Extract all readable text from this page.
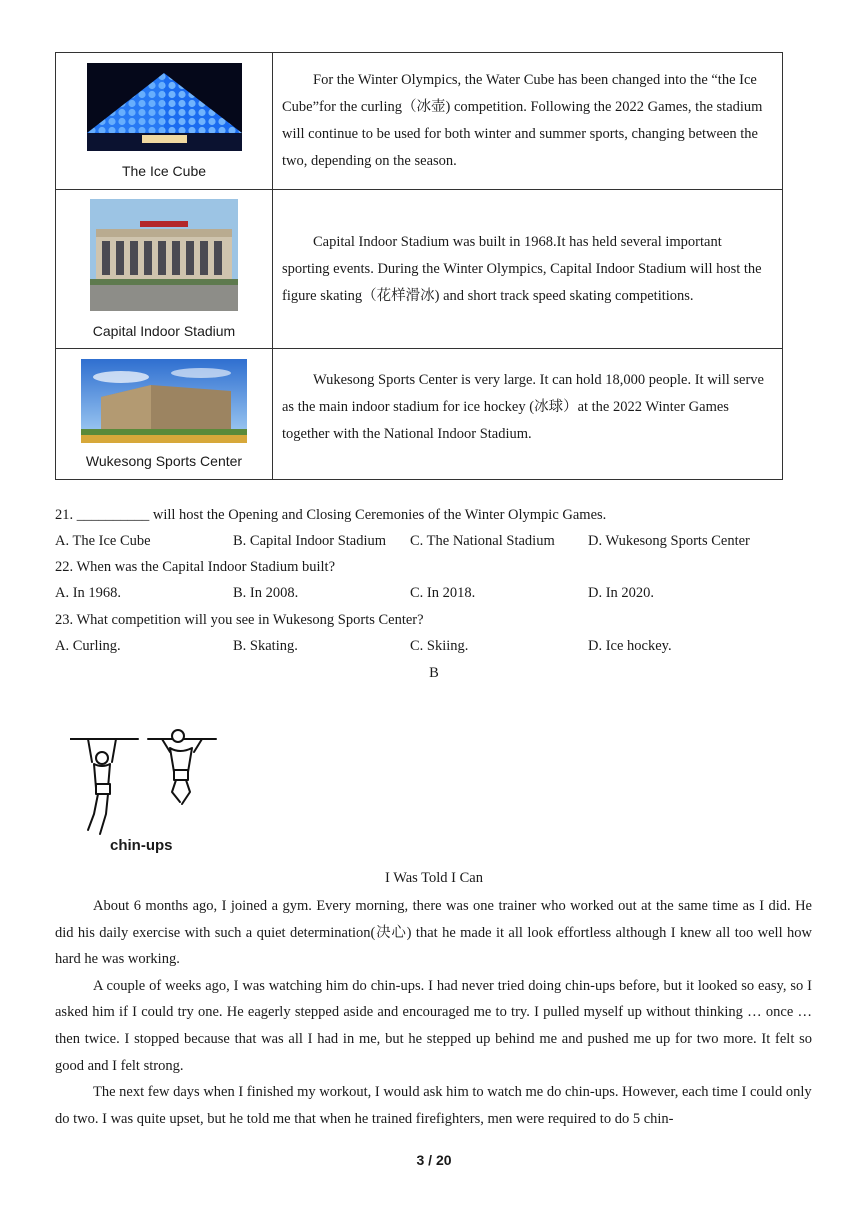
The Ice Cube	For the Winter Olympics, the Water Cube has been changed into the “the Ice Cube”for the curling（冰壶) competition. Following the 2022 Games, the stadium will continue to be used for both winter and summer sports, changing between the two, depending on the season.

Capital Indoor Stadium	Capital Indoor Stadium was built in 1968.It has held several important sporting events. During the Winter Olympics, Capital Indoor Stadium will host the figure skating（花样滑冰) and short track speed skating competitions.

Wukesong Sports Center	Wukesong Sports Center is very large. It can hold 18,000 people. It will serve as the main indoor stadium for ice hockey (冰球）at the 2022 Winter Games together with the National Indoor Stadium.

21. __________ will host the Opening and Closing Ceremonies of the Winter Olympic Games.
A. The Ice Cube	B. Capital Indoor Stadium C. The National Stadium D. Wukesong Sports Center
22. When was the Capital Indoor Stadium built?
A. In 1968.	B. In 2008.	C. In 2018.	D. In 2020.
23. What competition will you see in Wukesong Sports Center?
A. Curling.	B. Skating.	C. Skiing.	D. Ice hockey.
B
chin-ups
I Was Told I Can

About 6 months ago, I joined a gym. Every morning, there was one trainer who worked out at the same time as I did. He did his daily exercise with such a quiet determination(决心) that he made it all look effortless although I knew all too well how hard he was working.

A couple of weeks ago, I was watching him do chin-ups. I had never tried doing chin-ups before, but it looked so easy, so I asked him if I could try one. He eagerly stepped aside and encouraged me to try. I pulled myself up without thinking … once … then twice. I stopped because that was all I had in me, but he stepped up behind me and pushed me up for two more. It felt so good and I felt strong.

The next few days when I finished my workout, I would ask him to watch me do chin-ups. However, each time I could only do two. I was quite upset, but he told me that when he trained firefighters, men were required to do 5 chin-

3 / 20
